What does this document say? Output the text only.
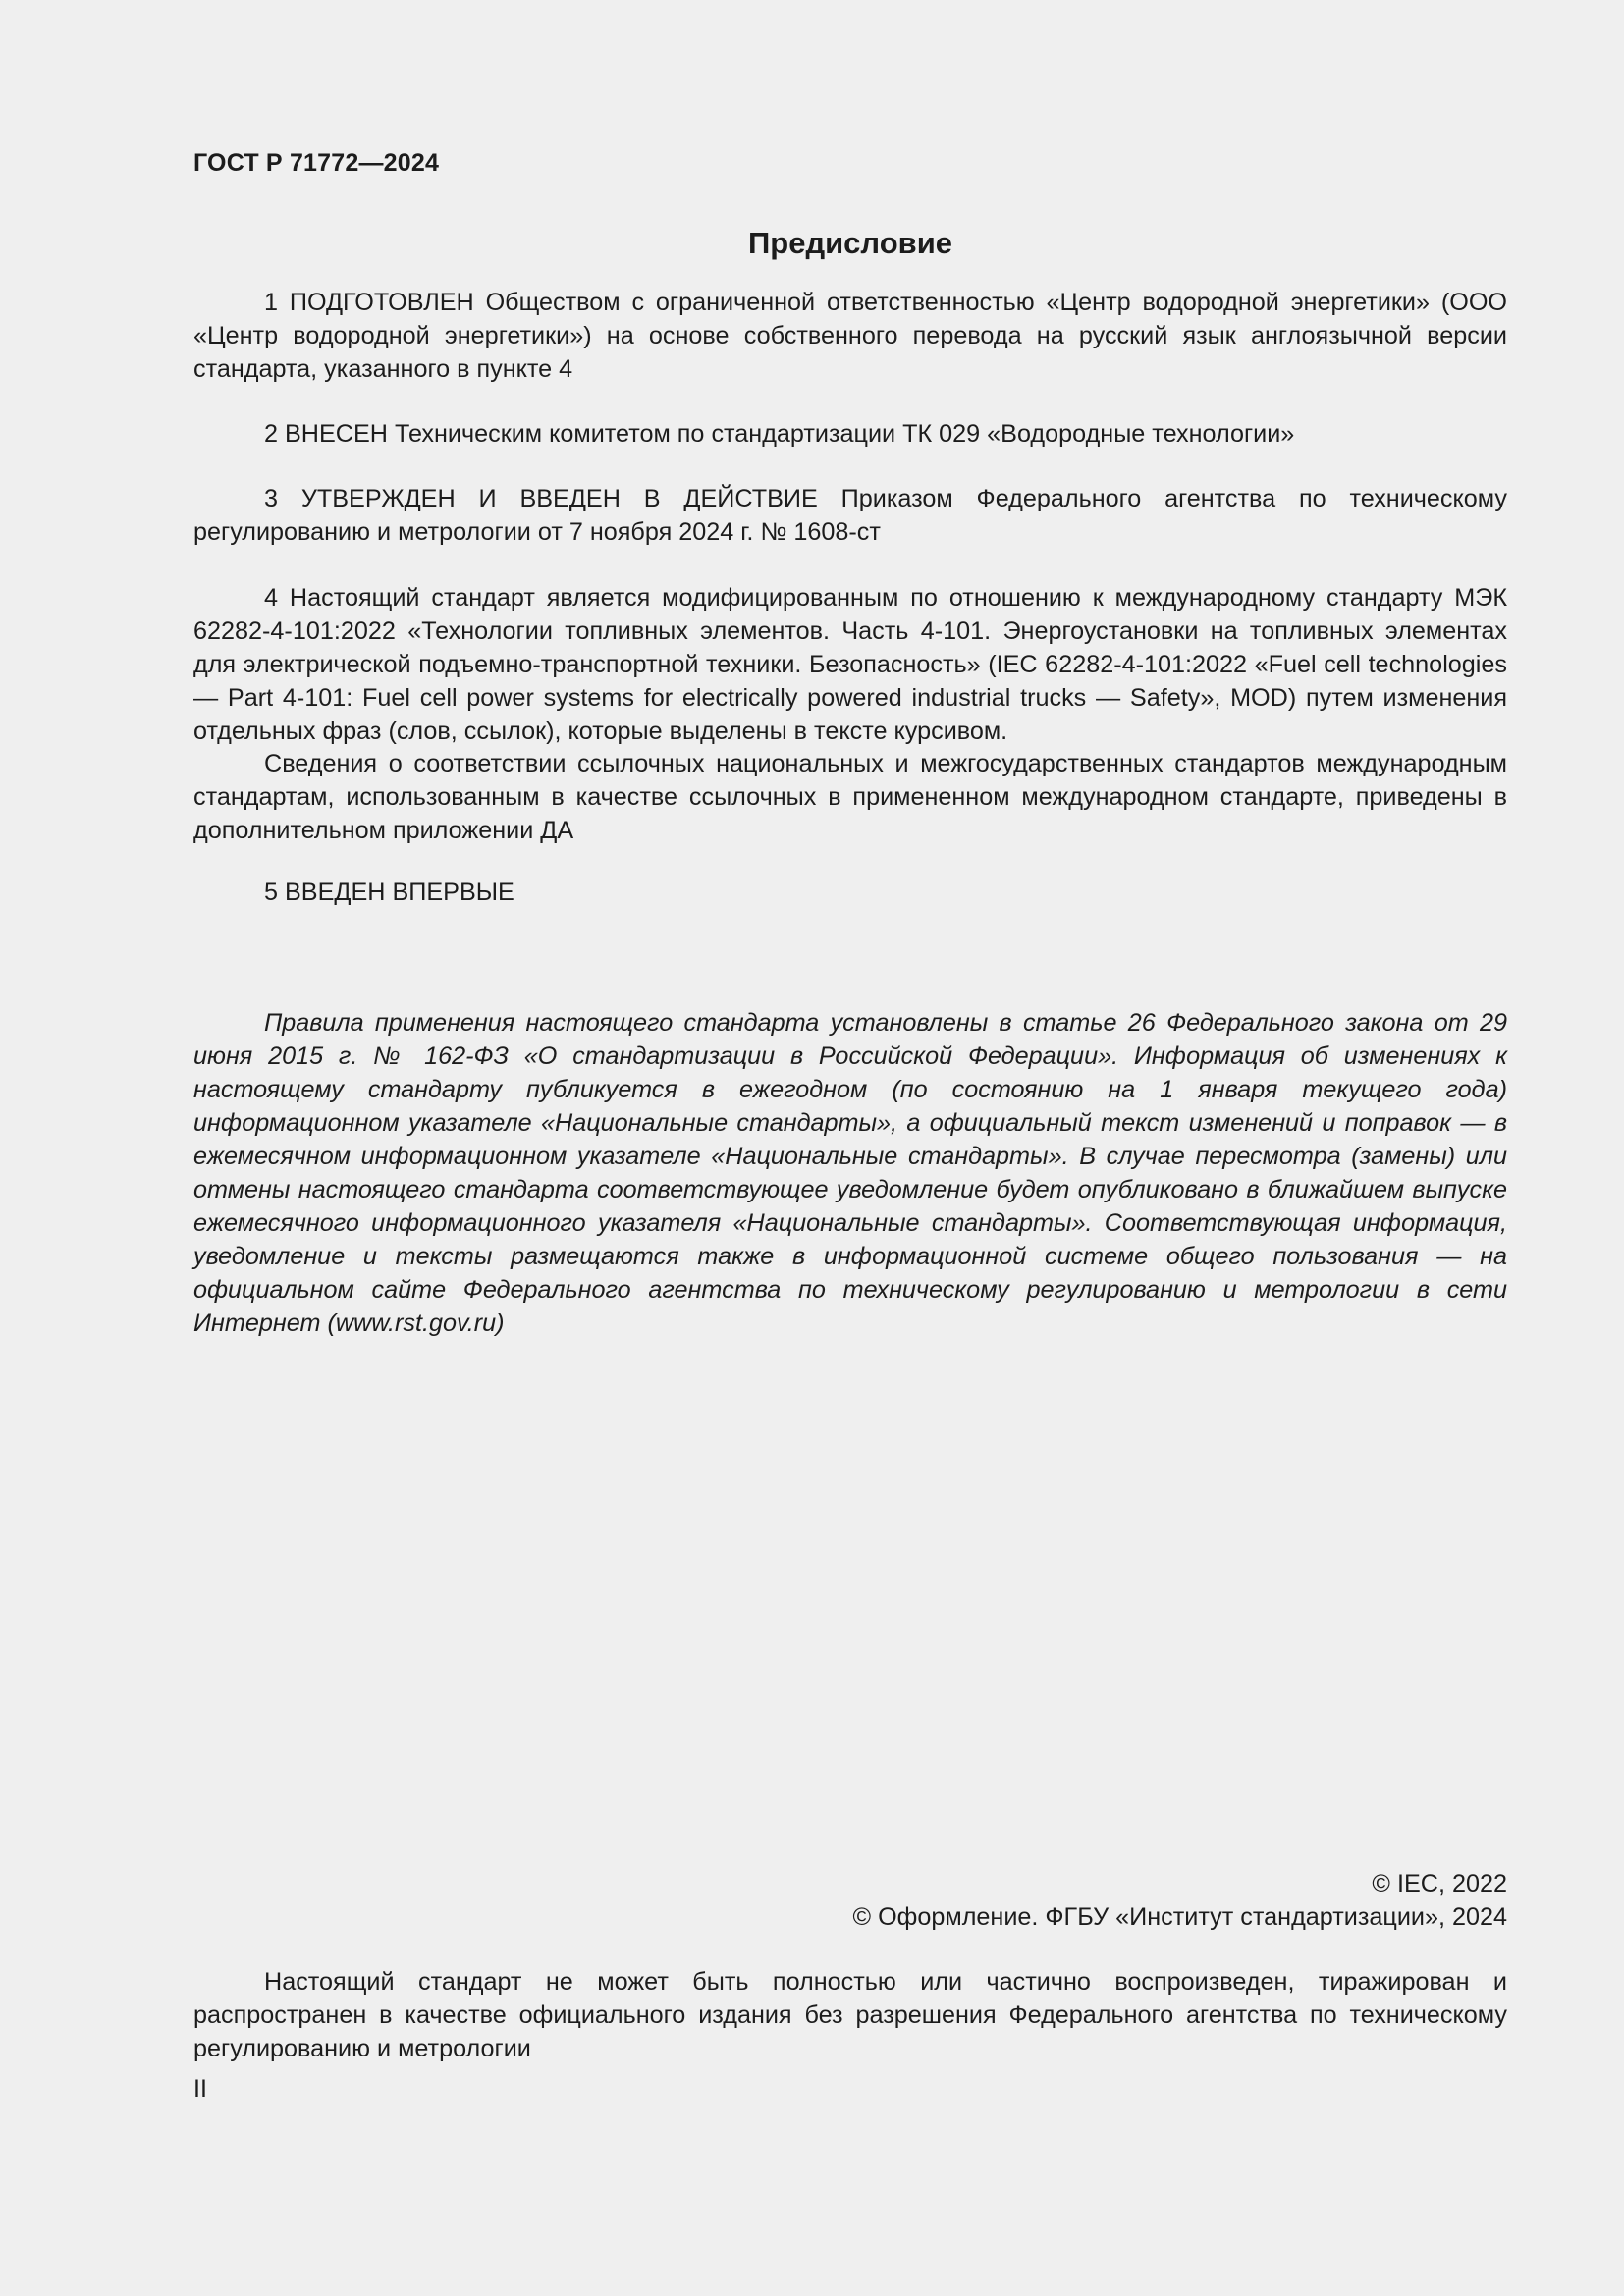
ГОСТ Р 71772—2024
Предисловие

1 ПОДГОТОВЛЕН Обществом с ограниченной ответственностью «Центр водородной энергетики» (ООО «Центр водородной энергетики») на основе собственного перевода на русский язык англоязычной версии стандарта, указанного в пункте 4

2 ВНЕСЕН Техническим комитетом по стандартизации ТК 029 «Водородные технологии»

3 УТВЕРЖДЕН И ВВЕДЕН В ДЕЙСТВИЕ Приказом Федерального агентства по техническому регулированию и метрологии от 7 ноября 2024 г. № 1608-ст

4 Настоящий стандарт является модифицированным по отношению к международному стандарту МЭК 62282-4-101:2022 «Технологии топливных элементов. Часть 4-101. Энергоустановки на топливных элементах для электрической подъемно-транспортной техники. Безопасность» (IEC 62282-4-101:2022 «Fuel cell technologies — Part 4-101: Fuel cell power systems for electrically powered industrial trucks — Safety», MOD) путем изменения отдельных фраз (слов, ссылок), которые выделены в тексте курсивом.

Сведения о соответствии ссылочных национальных и межгосударственных стандартов международным стандартам, использованным в качестве ссылочных в примененном международном стандарте, приведены в дополнительном приложении ДА

5 ВВЕДЕН ВПЕРВЫЕ

Правила применения настоящего стандарта установлены в статье 26 Федерального закона от 29 июня 2015 г. № 162-ФЗ «О стандартизации в Российской Федерации». Информация об изменениях к настоящему стандарту публикуется в ежегодном (по состоянию на 1 января текущего года) информационном указателе «Национальные стандарты», а официальный текст изменений и поправок — в ежемесячном информационном указателе «Национальные стандарты». В случае пересмотра (замены) или отмены настоящего стандарта соответствующее уведомление будет опубликовано в ближайшем выпуске ежемесячного информационного указателя «Национальные стандарты». Соответствующая информация, уведомление и тексты размещаются также в информационной системе общего пользования — на официальном сайте Федерального агентства по техническому регулированию и метрологии в сети Интернет (www.rst.gov.ru)

© IEC, 2022
© Оформление. ФГБУ «Институт стандартизации», 2024

Настоящий стандарт не может быть полностью или частично воспроизведен, тиражирован и распространен в качестве официального издания без разрешения Федерального агентства по техническому регулированию и метрологии

II
